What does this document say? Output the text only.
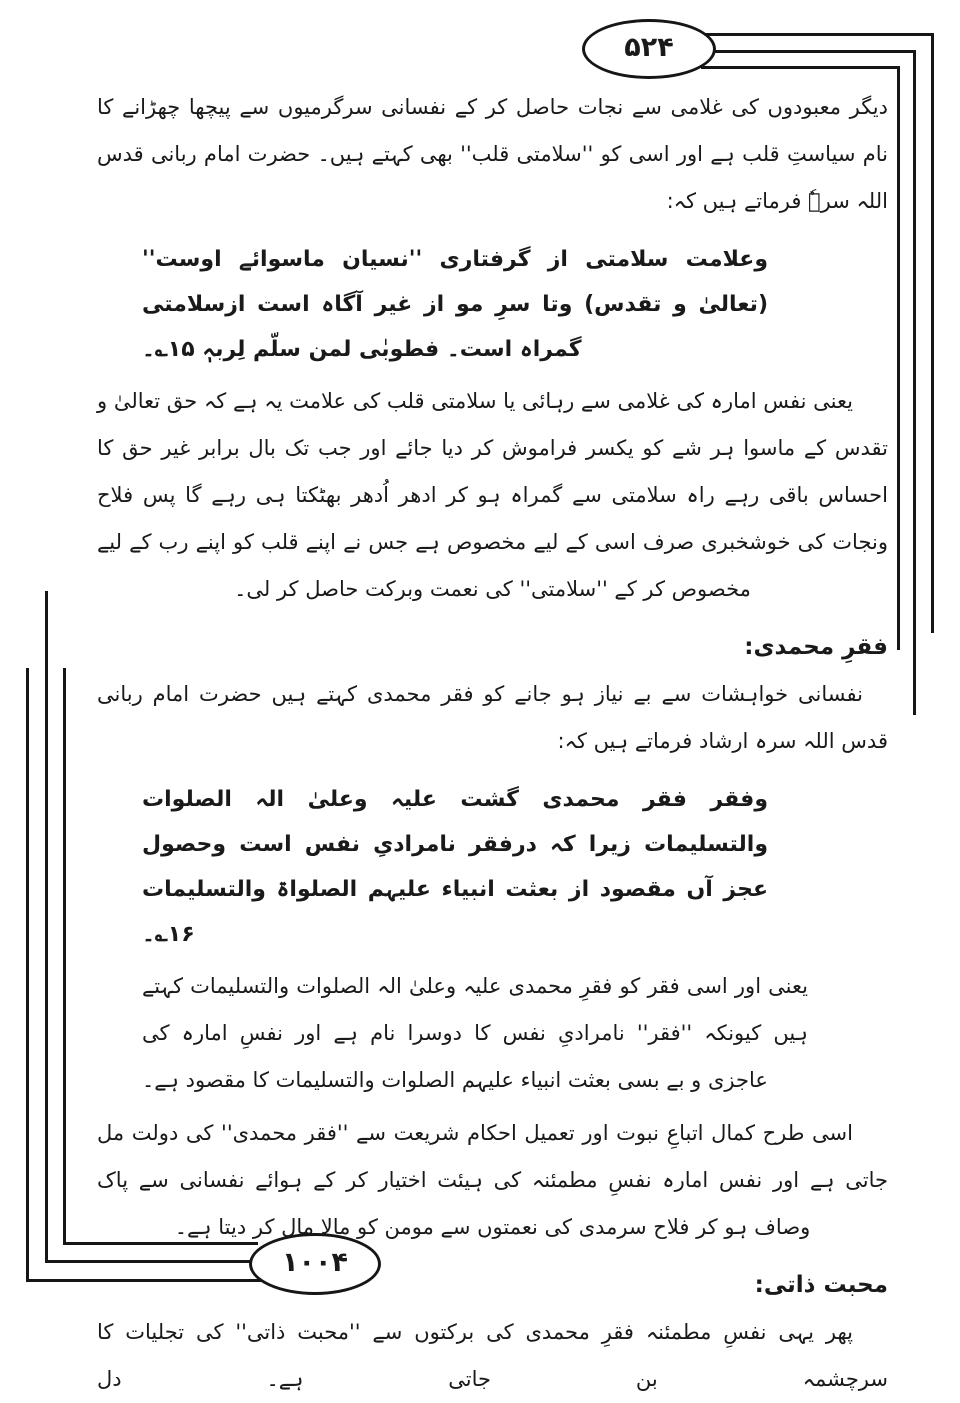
۵۲۴
۱۰۰۴

دیگر معبودوں کی غلامی سے نجات حاصل کر کے نفسانی سرگرمیوں سے پیچھا چھڑانے کا نام سیاستِ قلب ہے اور اسی کو ''سلامتی قلب'' بھی کہتے ہیں۔ حضرت امام ربانی قدس اللہ سرہٗ فرماتے ہیں کہ:

وعلامت سلامتی از گرفتاری ''نسیان ماسوائے اوست'' (تعالیٰ و تقدس) وتا سرِ مو از غیر آگاہ است ازسلامتی گمراہ است۔ فطوبٰی لمن سلّم لِربہٖ ۱۵؎۔

یعنی نفس امارہ کی غلامی سے رہائی یا سلامتی قلب کی علامت یہ ہے کہ حق تعالیٰ و تقدس کے ماسوا ہر شے کو یکسر فراموش کر دیا جائے اور جب تک بال برابر غیر حق کا احساس باقی رہے راہ سلامتی سے گمراہ ہو کر ادھر اُدھر بھٹکتا ہی رہے گا پس فلاح ونجات کی خوشخبری صرف اسی کے لیے مخصوص ہے جس نے اپنے قلب کو اپنے رب کے لیے مخصوص کر کے ''سلامتی'' کی نعمت وبرکت حاصل کر لی۔

فقرِ محمدی:

نفسانی خواہشات سے بے نیاز ہو جانے کو فقر محمدی کہتے ہیں حضرت امام ربانی قدس اللہ سرہ ارشاد فرماتے ہیں کہ:

وفقر فقر محمدی گشت علیہ وعلیٰ الہ الصلوات والتسلیمات زیرا کہ درفقر نامرادیِ نفس است وحصول عجز آں مقصود از بعثت انبیاء علیہم الصلواۃ والتسلیمات ۱۶؎۔

یعنی اور اسی فقر کو فقرِ محمدی علیہ وعلیٰ الہ الصلوات والتسلیمات کہتے ہیں کیونکہ ''فقر'' نامرادیِ نفس کا دوسرا نام ہے اور نفسِ امارہ کی عاجزی و بے بسی بعثت انبیاء علیہم الصلوات والتسلیمات کا مقصود ہے۔

اسی طرح کمال اتباعِ نبوت اور تعمیل احکام شریعت سے ''فقر محمدی'' کی دولت مل جاتی ہے اور نفس امارہ نفسِ مطمئنہ کی ہیئت اختیار کر کے ہوائے نفسانی سے پاک وصاف ہو کر فلاح سرمدی کی نعمتوں سے مومن کو مالا مال کر دیتا ہے۔

محبت ذاتی:

پھر یہی نفسِ مطمئنہ فقرِ محمدی کی برکتوں سے ''محبت ذاتی'' کی تجلیات کا سرچشمہ بن جاتی ہے۔ دل
